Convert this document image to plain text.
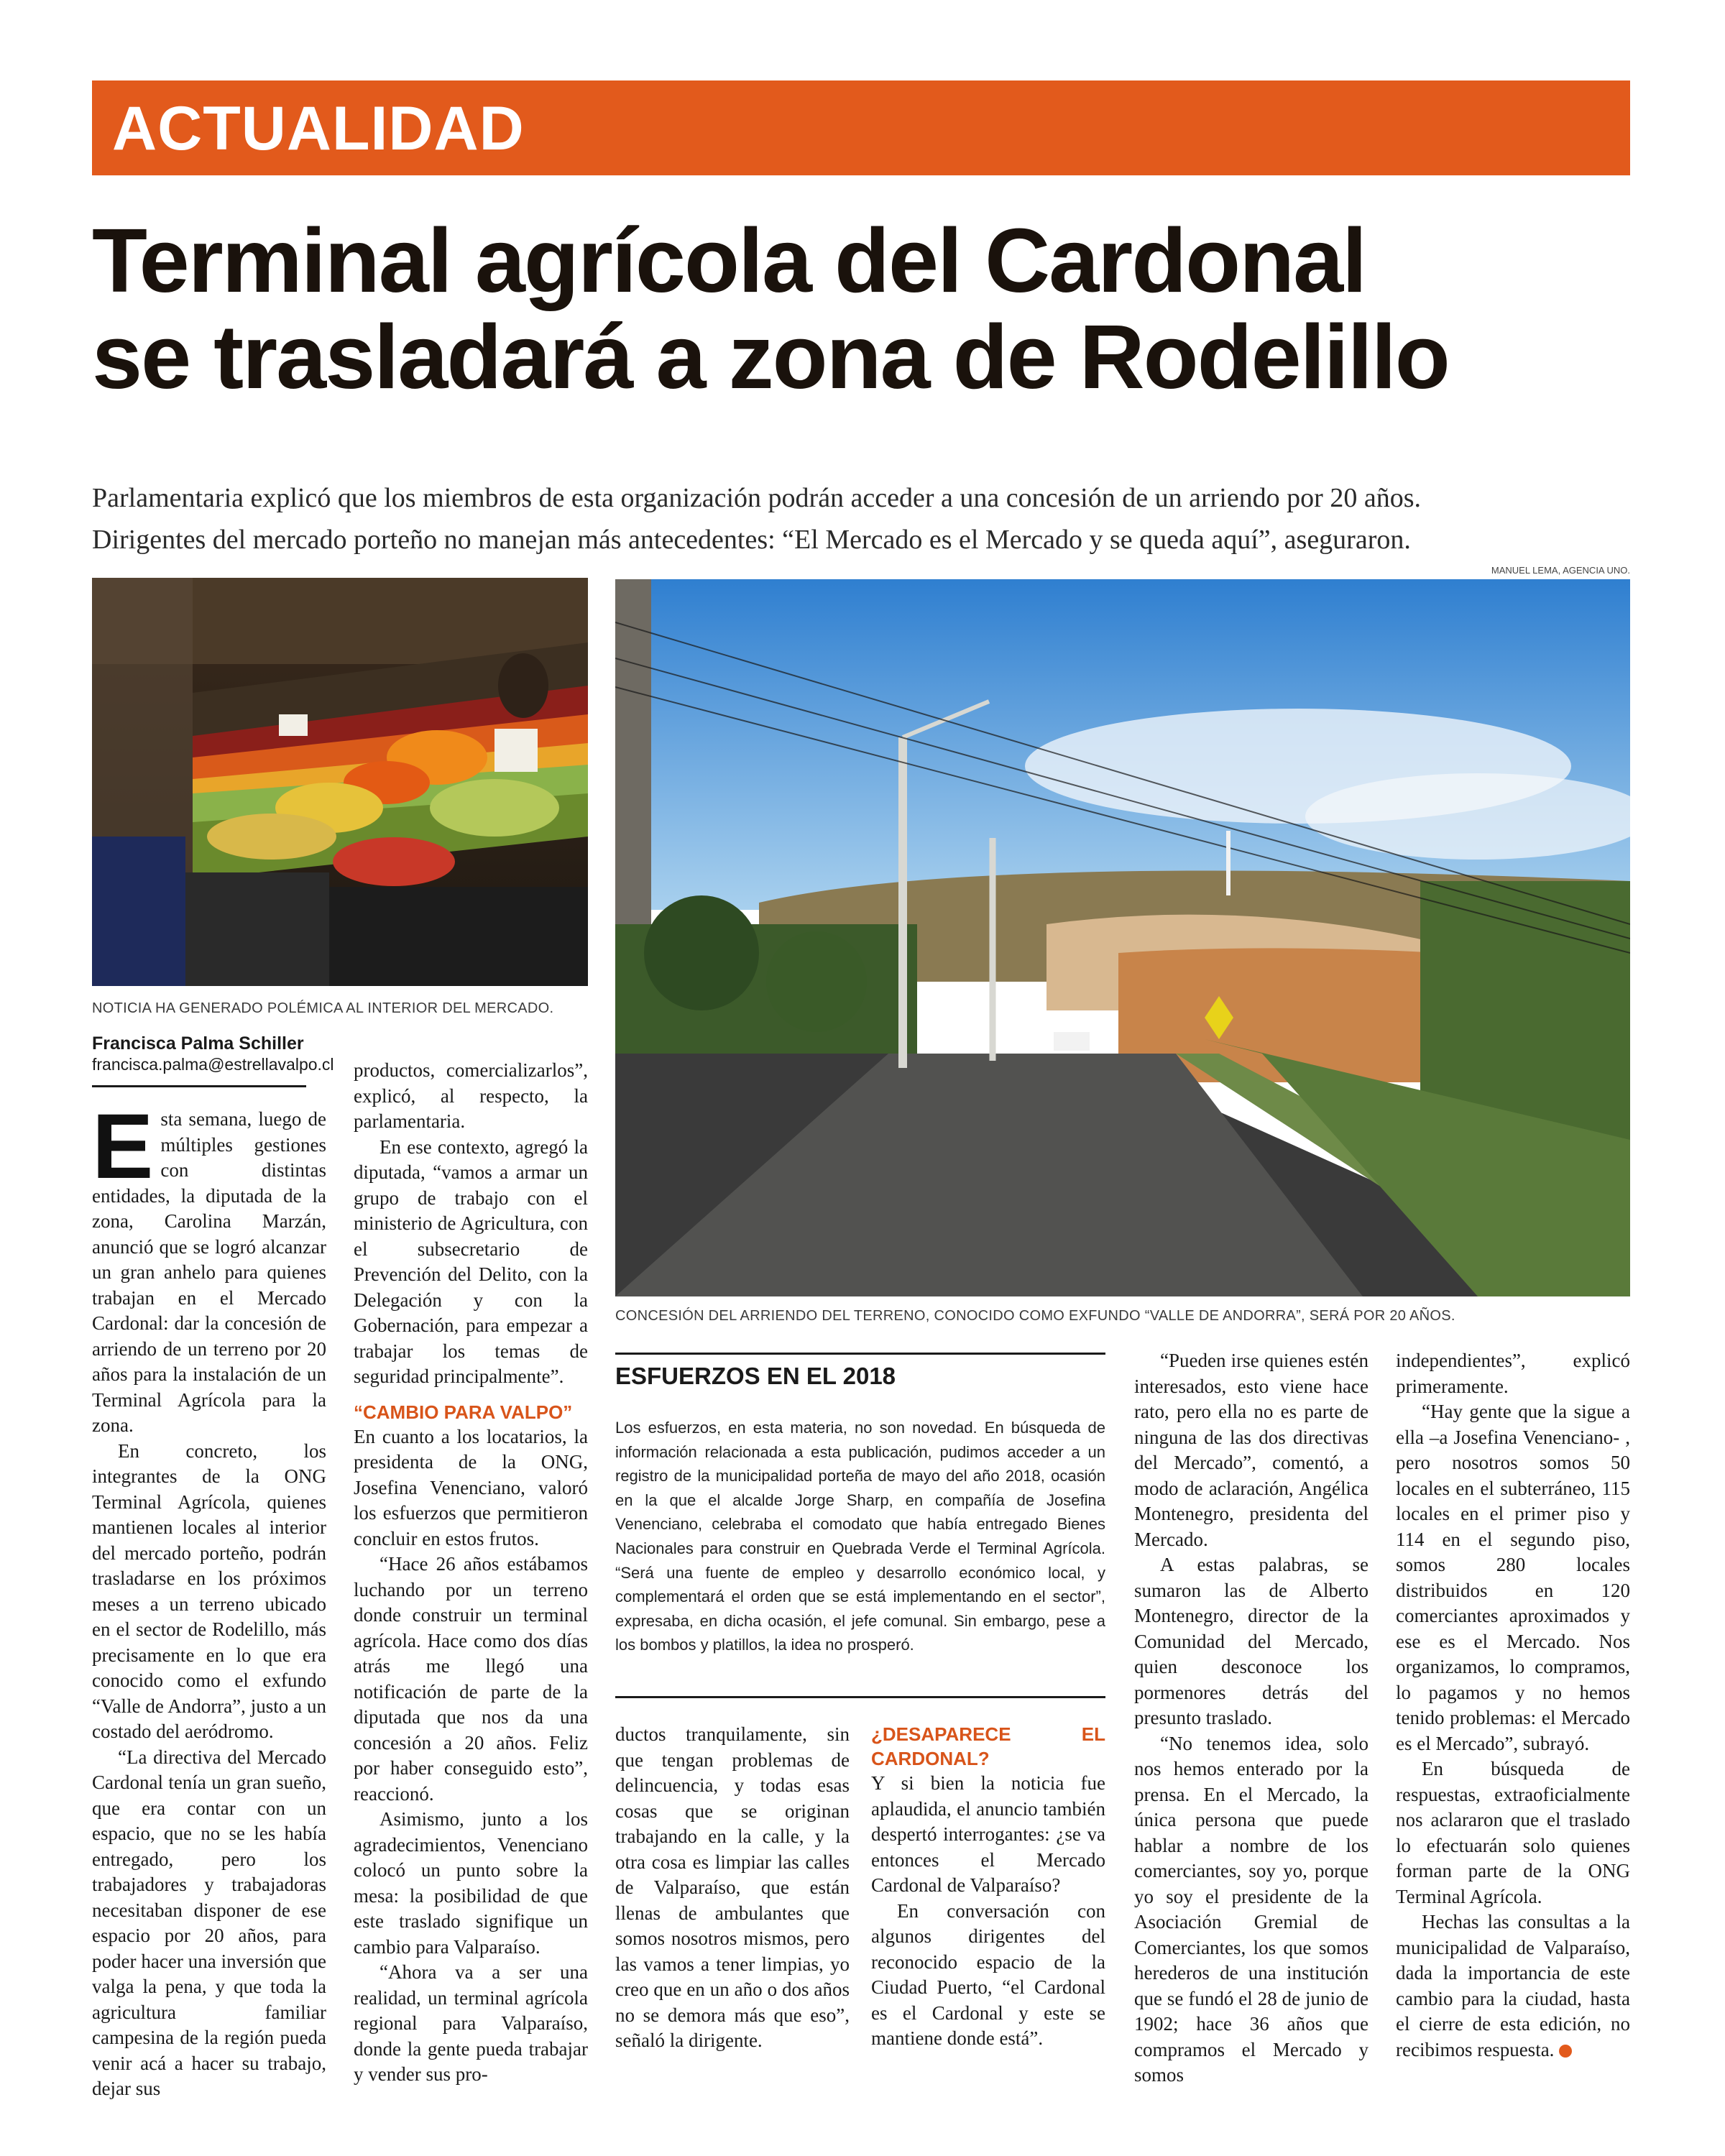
ACTUALIDAD
Terminal agrícola del Cardonal
se trasladará a zona de Rodelillo
Parlamentaria explicó que los miembros de esta organización podrán acceder a una concesión de un arriendo por 20 años.
Dirigentes del mercado porteño no manejan más antecedentes: “El Mercado es el Mercado y se queda aquí”, aseguraron.
MANUEL LEMA, AGENCIA UNO.
NOTICIA HA GENERADO POLÉMICA AL INTERIOR DEL MERCADO.
CONCESIÓN DEL ARRIENDO DEL TERRENO, CONOCIDO COMO EXFUNDO “VALLE DE ANDORRA”, SERÁ POR 20 AÑOS.
Francisca Palma Schiller
francisca.palma@estrellavalpo.cl

Esta semana, luego de múltiples gestiones con distintas entidades, la diputada de la zona, Carolina Marzán, anunció que se logró alcanzar un gran anhelo para quienes trabajan en el Mercado Cardonal: dar la concesión de arriendo de un terreno por 20 años para la instalación de un Terminal Agrícola para la zona.

En concreto, los integrantes de la ONG Terminal Agrícola, quienes mantienen locales al interior del mercado porteño, podrán trasladarse en los próximos meses a un terreno ubicado en el sector de Rodelillo, más precisamente en lo que era conocido como el exfundo “Valle de Andorra”, justo a un costado del aeródromo.

“La directiva del Mercado Cardonal tenía un gran sueño, que era contar con un espacio, que no se les había entregado, pero los trabajadores y trabajadoras necesitaban disponer de ese espacio por 20 años, para poder hacer una inversión que valga la pena, y que toda la agricultura familiar campesina de la región pueda venir acá a hacer su trabajo, dejar sus

productos, comercializarlos”, explicó, al respecto, la parlamentaria.

En ese contexto, agregó la diputada, “vamos a armar un grupo de trabajo con el ministerio de Agricultura, con el subsecretario de Prevención del Delito, con la Delegación y con la Gobernación, para empezar a trabajar los temas de seguridad principalmente”.

“CAMBIO PARA VALPO”

En cuanto a los locatarios, la presidenta de la ONG, Josefina Venenciano, valoró los esfuerzos que permitieron concluir en estos frutos.

“Hace 26 años estábamos luchando por un terreno donde construir un terminal agrícola. Hace como dos días atrás me llegó una notificación de parte de la diputada que nos da una concesión a 20 años. Feliz por haber conseguido esto”, reaccionó.

Asimismo, junto a los agradecimientos, Venenciano colocó un punto sobre la mesa: la posibilidad de que este traslado signifique un cambio para Valparaíso.

“Ahora va a ser una realidad, un terminal agrícola regional para Valparaíso, donde la gente pueda trabajar y vender sus pro-

ESFUERZOS EN EL 2018
Los esfuerzos, en esta materia, no son novedad. En búsqueda de información relacionada a esta publicación, pudimos acceder a un registro de la municipalidad porteña de mayo del año 2018, ocasión en la que el alcalde Jorge Sharp, en compañía de Josefina Venenciano, celebraba el comodato que había entregado Bienes Nacionales para construir en Quebrada Verde el Terminal Agrícola. “Será una fuente de empleo y desarrollo económico local, y complementará el orden que se está implementando en el sector”, expresaba, en dicha ocasión, el jefe comunal. Sin embargo, pese a los bombos y platillos, la idea no prosperó.

ductos tranquilamente, sin que tengan problemas de delincuencia, y todas esas cosas que se originan trabajando en la calle, y la otra cosa es limpiar las calles de Valparaíso, que están llenas de ambulantes que somos nosotros mismos, pero las vamos a tener limpias, yo creo que en un año o dos años no se demora más que eso”, señaló la dirigente.

¿DESAPARECE EL CARDONAL?

Y si bien la noticia fue aplaudida, el anuncio también despertó interrogantes: ¿se va entonces el Mercado Cardonal de Valparaíso?

En conversación con algunos dirigentes del reconocido espacio de la Ciudad Puerto, “el Cardonal es el Cardonal y este se mantiene donde está”.

“Pueden irse quienes estén interesados, esto viene hace rato, pero ella no es parte de ninguna de las dos directivas del Mercado”, comentó, a modo de aclaración, Angélica Montenegro, presidenta del Mercado.

A estas palabras, se sumaron las de Alberto Montenegro, director de la Comunidad del Mercado, quien desconoce los pormenores detrás del presunto traslado.

“No tenemos idea, solo nos hemos enterado por la prensa. En el Mercado, la única persona que puede hablar a nombre de los comerciantes, soy yo, porque yo soy el presidente de la Asociación Gremial de Comerciantes, los que somos herederos de una institución que se fundó el 28 de junio de 1902; hace 36 años que compramos el Mercado y somos

independientes”, explicó primeramente.

“Hay gente que la sigue a ella –a Josefina Venenciano- , pero nosotros somos 50 locales en el subterráneo, 115 locales en el primer piso y 114 en el segundo piso, somos 280 locales distribuidos en 120 comerciantes aproximados y ese es el Mercado. Nos organizamos, lo compramos, lo pagamos y no hemos tenido problemas: el Mercado es el Mercado”, subrayó.

En búsqueda de respuestas, extraoficialmente nos aclararon que el traslado lo efectuarán solo quienes forman parte de la ONG Terminal Agrícola.

Hechas las consultas a la municipalidad de Valparaíso, dada la importancia de este cambio para la ciudad, hasta el cierre de esta edición, no recibimos respuesta.	+
